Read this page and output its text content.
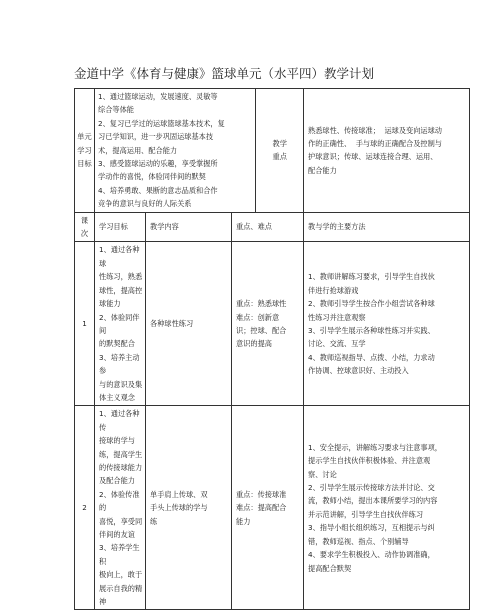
金道中学《体育与健康》篮球单元（水平四）教学计划
单元
学习
目标	
1、通过篮球运动，发展速度、灵敏等
综合等体能
2、复习已学过的运球篮球基本技术，复
习已学知识，进一步巩固运球基本技
术，提高运用、配合能力
3、感受篮球运动的乐趣，享受掌握所
学动作的喜悦，体验同伴间的默契
4、培养勇敢、果断的意志品质和合作
竞争的意识与良好的人际关系	教学
重点
	熟悉球性、传接球准；  运球及变向运球动
作的正确性、  手与球的正确配合及控制与
护球意识；传球、运球连接合理、运用、
配合能力
课
次	学习目标	教学内容	重点、难点	教与学的主要方法
1	1、通过各种球
性练习，熟悉
球性，提高控
球能力
2、体验同伴间
的默契配合
3、培养主动参
与的意识及集
体主义观念	各种球性练习	重点：熟悉球性
难点：创新意
识；控球、配合
意识的提高	1、教师讲解练习要求，引导学生自找伙
伴进行抢球游戏
2、教师引导学生按合作小组尝试各种球
性练习并注意观察
3、引导学生展示各种球性练习并实践、
讨论、交流、互学
4、教师巡视指导、点拨、小结，力求动
作协调、控球意识好、主动投入
2	1、通过各种传
接球的学与
练，提高学生
的传接球能力
及配合能力
2、体验传准的
喜悦，享受同
伴间的友谊
3、培养学生积
极向上，敢于
展示自我的精
神	单手肩上传球、双
手头上传球的学与
练	重点：传接球准
难点：提高配合
能力	1、安全提示，讲解练习要求与注意事项，
提示学生自找伙伴积极体验、并注意观
察、讨论
2、引导学生展示传接球方法并讨论、交
流，教师小结，提出本课所要学习的内容
并示范讲解，引导学生自找伙伴练习
3、指导小组长组织练习，互相提示与纠
错，教师巡视、指点、个别辅导
4、要求学生积极投入、动作协调准确，
提高配合默契
